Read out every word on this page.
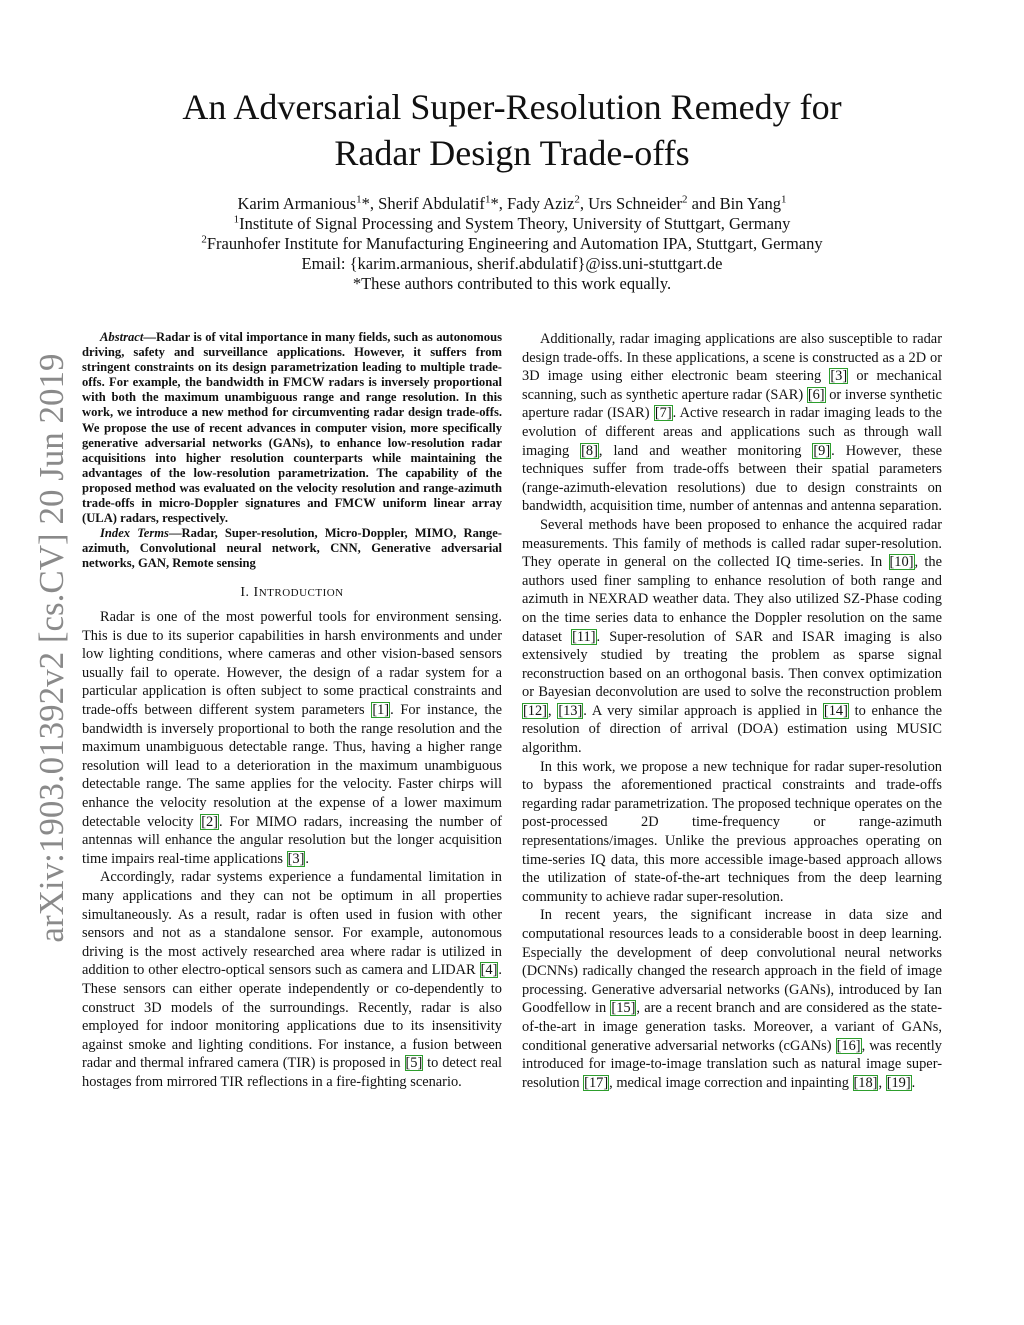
arXiv:1903.01392v2 [cs.CV] 20 Jun 2019
An Adversarial Super-Resolution Remedy for
Radar Design Trade-offs
Karim Armanious$^1$*, Sherif Abdulatif$^1$*, Fady Aziz$^2$, Urs Schneider$^2$ and Bin Yang$^1$
$^1$Institute of Signal Processing and System Theory, University of Stuttgart, Germany
$^2$Fraunhofer Institute for Manufacturing Engineering and Automation IPA, Stuttgart, Germany
Email: {karim.armanious, sherif.abdulatif}@iss.uni-stuttgart.de
*These authors contributed to this work equally.

Abstract—Radar is of vital importance in many fields, such as autonomous driving, safety and surveillance applications. However, it suffers from stringent constraints on its design parametrization leading to multiple trade-offs. For example, the bandwidth in FMCW radars is inversely proportional with both the maximum unambiguous range and range resolution. In this work, we introduce a new method for circumventing radar design trade-offs. We propose the use of recent advances in computer vision, more specifically generative adversarial networks (GANs), to enhance low-resolution radar acquisitions into higher resolution counterparts while maintaining the advantages of the low-resolution parametrization. The capability of the proposed method was evaluated on the velocity resolution and range-azimuth trade-offs in micro-Doppler signatures and FMCW uniform linear array (ULA) radars, respectively.

Index Terms—Radar, Super-resolution, Micro-Doppler, MIMO, Range-azimuth, Convolutional neural network, CNN, Generative adversarial networks, GAN, Remote sensing

I. INTRODUCTION

Radar is one of the most powerful tools for environment sensing. This is due to its superior capabilities in harsh environments and under low lighting conditions, where cameras and other vision-based sensors usually fail to operate. However, the design of a radar system for a particular application is often subject to some practical constraints and trade-offs between different system parameters [1]. For instance, the bandwidth is inversely proportional to both the range resolution and the maximum unambiguous detectable range. Thus, having a higher range resolution will lead to a deterioration in the maximum unambiguous detectable range. The same applies for the velocity. Faster chirps will enhance the velocity resolution at the expense of a lower maximum detectable velocity [2]. For MIMO radars, increasing the number of antennas will enhance the angular resolution but the longer acquisition time impairs real-time applications [3].

Accordingly, radar systems experience a fundamental limitation in many applications and they can not be optimum in all properties simultaneously. As a result, radar is often used in fusion with other sensors and not as a standalone sensor. For example, autonomous driving is the most actively researched area where radar is utilized in addition to other electro-optical sensors such as camera and LIDAR [4]. These sensors can either operate independently or co-dependently to construct 3D models of the surroundings. Recently, radar is also employed for indoor monitoring applications due to its insensitivity against smoke and lighting conditions. For instance, a fusion between radar and thermal infrared camera (TIR) is proposed in [5] to detect real hostages from mirrored TIR reflections in a fire-fighting scenario.

Additionally, radar imaging applications are also susceptible to radar design trade-offs. In these applications, a scene is constructed as a 2D or 3D image using either electronic beam steering [3] or mechanical scanning, such as synthetic aperture radar (SAR) [6] or inverse synthetic aperture radar (ISAR) [7]. Active research in radar imaging leads to the evolution of different areas and applications such as through wall imaging [8], land and weather monitoring [9]. However, these techniques suffer from trade-offs between their spatial parameters (range-azimuth-elevation resolutions) due to design constraints on bandwidth, acquisition time, number of antennas and antenna separation.

Several methods have been proposed to enhance the acquired radar measurements. This family of methods is called radar super-resolution. They operate in general on the collected IQ time-series. In [10], the authors used finer sampling to enhance resolution of both range and azimuth in NEXRAD weather data. They also utilized SZ-Phase coding on the time series data to enhance the Doppler resolution on the same dataset [11]. Super-resolution of SAR and ISAR imaging is also extensively studied by treating the problem as sparse signal reconstruction based on an orthogonal basis. Then convex optimization or Bayesian deconvolution are used to solve the reconstruction problem [12], [13]. A very similar approach is applied in [14] to enhance the resolution of direction of arrival (DOA) estimation using MUSIC algorithm.

In this work, we propose a new technique for radar super-resolution to bypass the aforementioned practical constraints and trade-offs regarding radar parametrization. The proposed technique operates on the post-processed 2D time-frequency or range-azimuth representations/images. Unlike the previous approaches operating on time-series IQ data, this more accessible image-based approach allows the utilization of state-of-the-art techniques from the deep learning community to achieve radar super-resolution.

In recent years, the significant increase in data size and computational resources leads to a considerable boost in deep learning. Especially the development of deep convolutional neural networks (DCNNs) radically changed the research approach in the field of image processing. Generative adversarial networks (GANs), introduced by Ian Goodfellow in [15], are a recent branch and are considered as the state-of-the-art in image generation tasks. Moreover, a variant of GANs, conditional generative adversarial networks (cGANs) [16], was recently introduced for image-to-image translation such as natural image super-resolution [17], medical image correction and inpainting [18], [19].
